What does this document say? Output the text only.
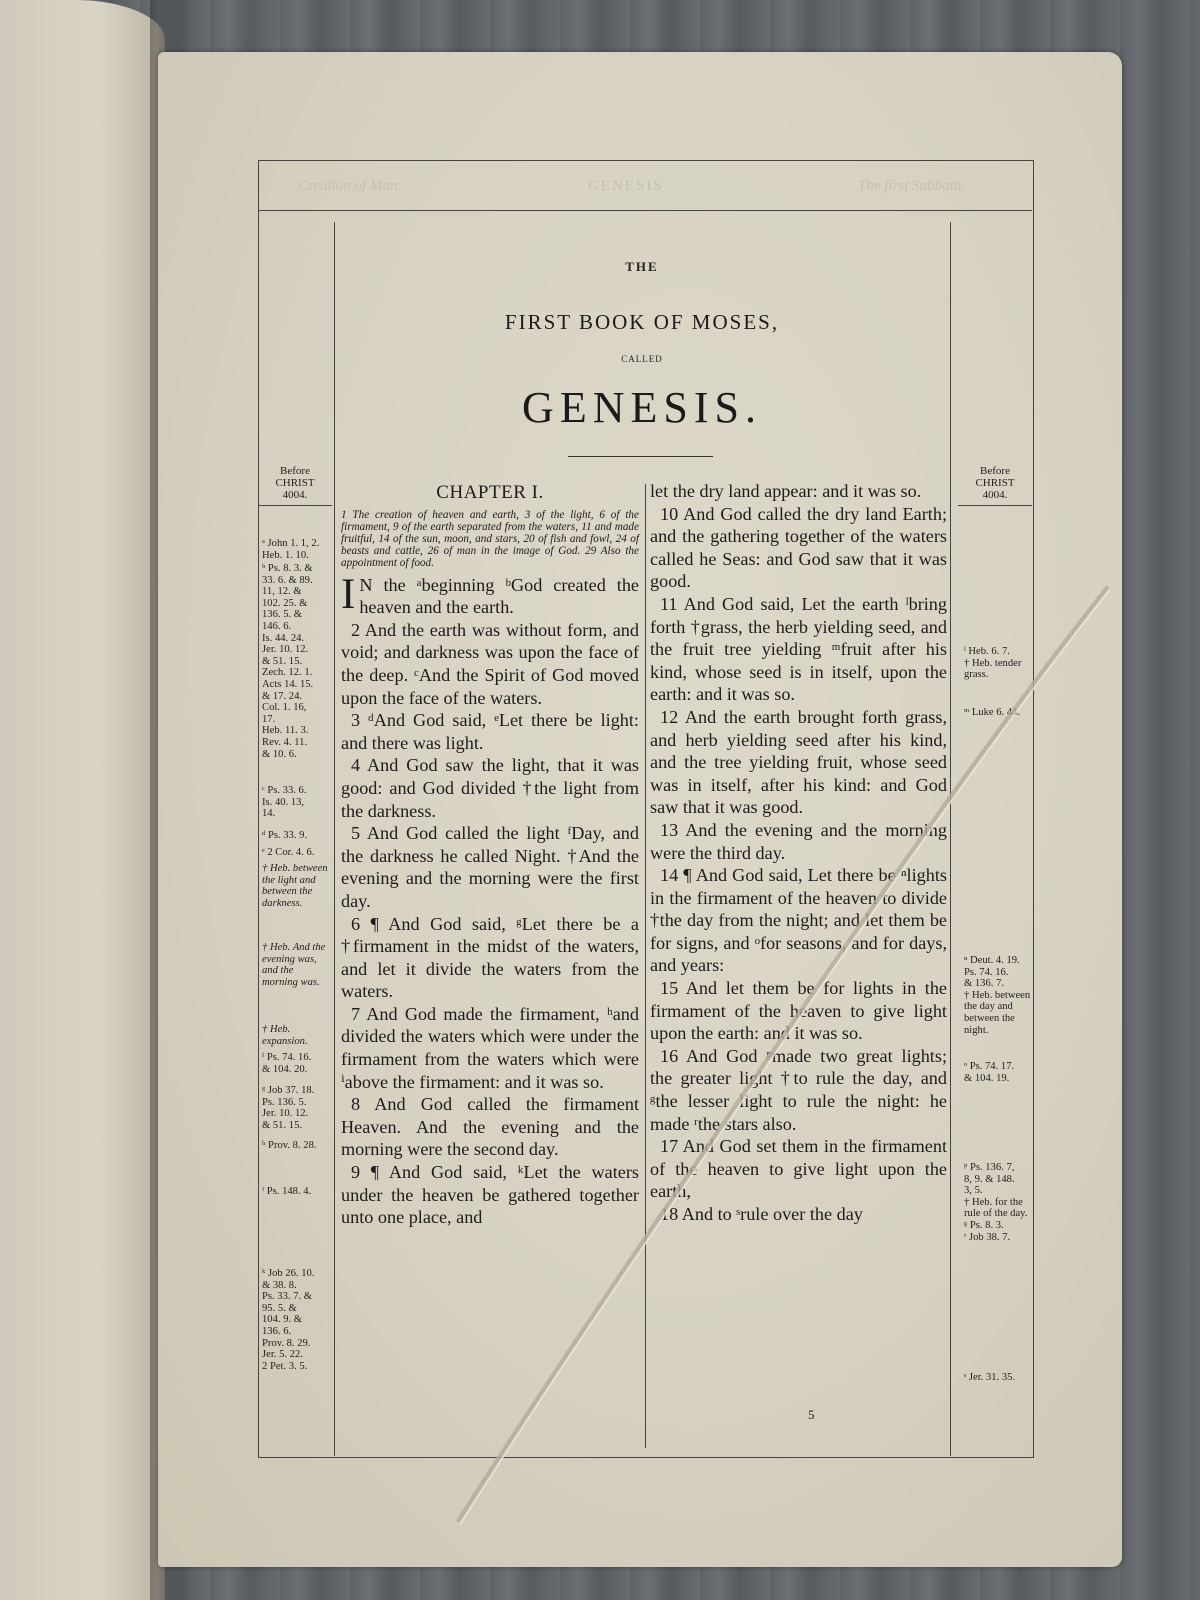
Creation of Man.	GENESIS.	The first Sabbath.
Before
CHRIST
4004.
Before
CHRIST
4004.
THE
FIRST BOOK OF MOSES,
CALLED
GENESIS.
CHAPTER I.
1 The creation of heaven and earth, 3 of the light, 6 of the firmament, 9 of the earth separated from the waters, 11 and made fruitful, 14 of the sun, moon, and stars, 20 of fish and fowl, 24 of beasts and cattle, 26 of man in the image of God. 29 Also the appointment of food.

I N the ᵃbeginning ᵇGod created the heaven and the earth.

2 And the earth was without form, and void; and darkness was upon the face of the deep. ᶜAnd the Spirit of God moved upon the face of the waters.

3 ᵈAnd God said, ᵉLet there be light: and there was light.

4 And God saw the light, that it was good: and God divided †the light from the darkness.

5 And God called the light ᶠDay, and the darkness he called Night. †And the evening and the morning were the first day.

6 ¶ And God said, ᵍLet there be a †firmament in the midst of the waters, and let it divide the waters from the waters.

7 And God made the firmament, ʰand divided the waters which were under the firmament from the waters which were ⁱabove the firmament: and it was so.

8 And God called the firmament Heaven. And the evening and the morning were the second day.

9 ¶ And God said, ᵏLet the waters under the heaven be gathered together unto one place, and

let the dry land appear: and it was so.

10 And God called the dry land Earth; and the gathering together of the waters called he Seas: and God saw that it was good.

11 And God said, Let the earth ˡbring forth †grass, the herb yielding seed, and the fruit tree yielding ᵐfruit after his kind, whose seed is in itself, upon the earth: and it was so.

12 And the earth brought forth grass, and herb yielding seed after his kind, and the tree yielding fruit, whose seed was in itself, after his kind: and God saw that it was good.

13 And the evening and the morning were the third day.

14 ¶ And God said, Let there be ⁿlights in the firmament of the heaven to divide †the day from the night; and let them be for signs, and ᵒfor seasons, and for days, and years:

15 And let them be for lights in the firmament of the heaven to give light upon the earth: and it was so.

16 And God ᵖmade two great lights; the greater light †to rule the day, and ᵍthe lesser light to rule the night: he made ʳthe stars also.

17 And God set them in the firmament of the heaven to give light upon the earth,

18 And to ˢrule over the day

ᵃ John 1. 1, 2.
Heb. 1. 10.
ᵇ Ps. 8. 3. &
33. 6. & 89.
11, 12. &
102. 25. &
136. 5. &
146. 6.
Is. 44. 24.
Jer. 10. 12.
& 51. 15.
Zech. 12. 1.
Acts 14. 15.
& 17. 24.
Col. 1. 16,
17.
Heb. 11. 3.
Rev. 4. 11.
& 10. 6.
ᶜ Ps. 33. 6.
Is. 40. 13,
14.
ᵈ Ps. 33. 9.
ᵉ 2 Cor. 4. 6.
† Heb. between the light and between the darkness.
† Heb. And the evening was, and the morning was.
† Heb. expansion.
ᶠ Ps. 74. 16.
& 104. 20.
ᵍ Job 37. 18.
Ps. 136. 5.
Jer. 10. 12.
& 51. 15.
ʰ Prov. 8. 28.
ⁱ Ps. 148. 4.
ᵏ Job 26. 10.
& 38. 8.
Ps. 33. 7. &
95. 5. &
104. 9. &
136. 6.
Prov. 8. 29.
Jer. 5. 22.
2 Pet. 3. 5.
ˡ Heb. 6. 7.
† Heb. tender grass.
ᵐ Luke 6. 44.
ⁿ Deut. 4. 19.
Ps. 74. 16.
& 136. 7.
† Heb. between the day and between the night.
ᵒ Ps. 74. 17.
& 104. 19.
ᵖ Ps. 136. 7,
8, 9. & 148.
3, 5.
† Heb. for the rule of the day.
ᵍ Ps. 8. 3.
ʳ Job 38. 7.
ˢ Jer. 31. 35.
5
